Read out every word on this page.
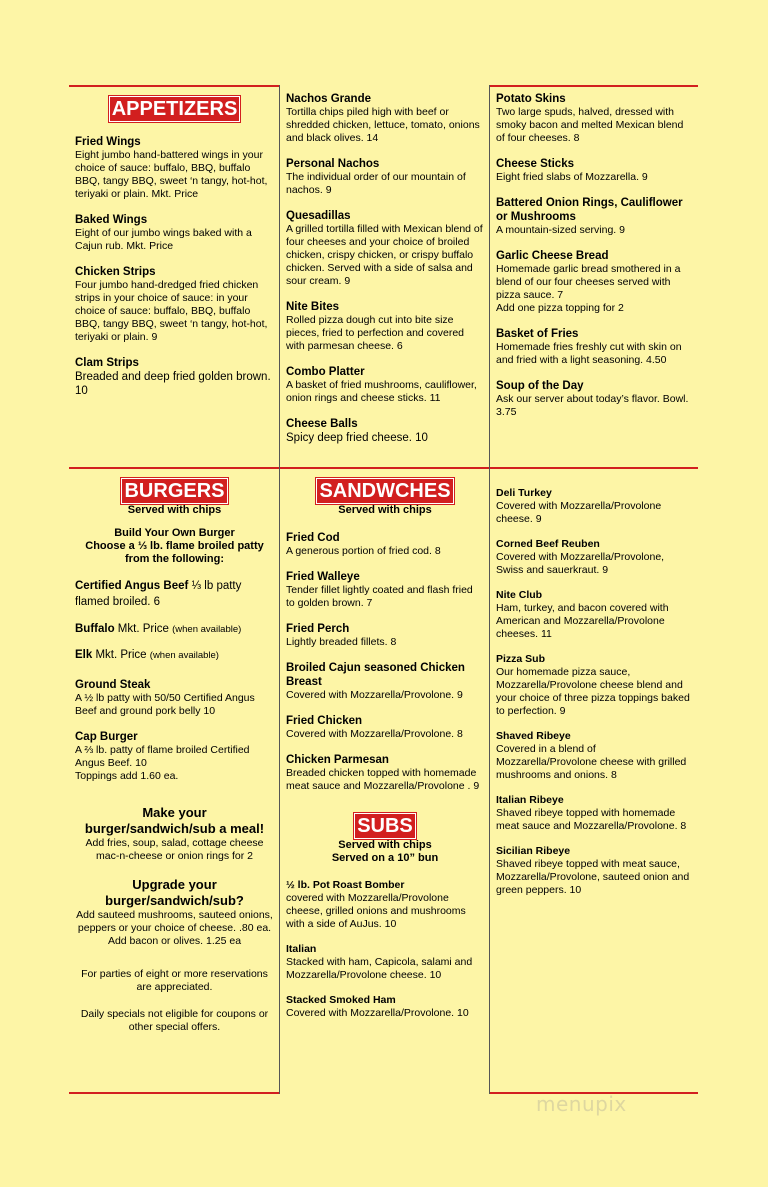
APPETIZERS
Fried Wings
Eight jumbo hand-battered wings in your choice of sauce: buffalo, BBQ, buffalo BBQ, tangy BBQ, sweet ‘n tangy, hot-hot, teriyaki or plain. Mkt. Price
Baked Wings
Eight of our jumbo wings baked with a Cajun rub. Mkt. Price
Chicken Strips
Four jumbo hand-dredged fried chicken strips in your choice of sauce: in your choice of sauce: buffalo, BBQ, buffalo BBQ, tangy BBQ, sweet ‘n tangy, hot-hot, teriyaki or plain. 9
Clam Strips
Breaded and deep fried golden brown. 10
Nachos Grande
Tortilla chips piled high with beef or shredded chicken, lettuce, tomato, onions and black olives. 14
Personal Nachos
The individual order of our mountain of nachos. 9
Quesadillas
A grilled tortilla filled with Mexican blend of four cheeses and your choice of broiled chicken, crispy chicken, or crispy buffalo chicken. Served with a side of salsa and sour cream. 9
Nite Bites
Rolled pizza dough cut into bite size pieces, fried to perfection and covered with parmesan cheese. 6
Combo Platter
A basket of fried mushrooms, cauliflower, onion rings and cheese sticks. 11
Cheese Balls
Spicy deep fried cheese. 10
Potato Skins
Two large spuds, halved, dressed with smoky bacon and melted Mexican blend of four cheeses. 8
Cheese Sticks
Eight fried slabs of Mozzarella. 9
Battered Onion Rings, Cauliflower or Mushrooms
A mountain-sized serving. 9
Garlic Cheese Bread
Homemade garlic bread smothered in a blend of our four cheeses served with pizza sauce. 7
Add one pizza topping for 2
Basket of Fries
Homemade fries freshly cut with skin on and fried with a light seasoning. 4.50
Soup of the Day
Ask our server about today’s flavor. Bowl. 3.75
BURGERS
Served with chips
Build Your Own Burger
Choose a ⅓ lb. flame broiled patty
from the following:
Certified Angus Beef ⅓ lb patty flamed broiled. 6
Buffalo Mkt. Price (when available)
Elk Mkt. Price (when available)
Ground Steak
A ½ lb patty with 50/50 Certified Angus Beef and ground pork belly 10
Cap Burger
A ⅔ lb. patty of flame broiled Certified Angus Beef. 10
Toppings add 1.60 ea.
Make your
burger/sandwich/sub a meal!
Add fries, soup, salad, cottage cheese mac-n-cheese or onion rings for 2
Upgrade your
burger/sandwich/sub?
Add sauteed mushrooms, sauteed onions, peppers or your choice of cheese. .80 ea.
Add bacon or olives. 1.25 ea
For parties of eight or more reservations are appreciated.
Daily specials not eligible for coupons or other special offers.
SANDWCHES
Served with chips
Fried Cod
A generous portion of fried cod. 8
Fried Walleye
Tender fillet lightly coated and flash fried to golden brown. 7
Fried Perch
Lightly breaded fillets. 8
Broiled Cajun seasoned Chicken Breast
Covered with Mozzarella/Provolone. 9
Fried Chicken
Covered with Mozzarella/Provolone. 8
Chicken Parmesan
Breaded chicken topped with homemade meat sauce and Mozzarella/Provolone . 9
SUBS
Served with chips
Served on a 10” bun
½ lb. Pot Roast Bomber
covered with Mozzarella/Provolone cheese, grilled onions and mushrooms with a side of AuJus. 10
Italian
Stacked with ham, Capicola, salami and Mozzarella/Provolone cheese. 10
Stacked Smoked Ham
Covered with Mozzarella/Provolone. 10
Deli Turkey
Covered with Mozzarella/Provolone cheese. 9
Corned Beef Reuben
Covered with Mozzarella/Provolone, Swiss and sauerkraut. 9
Nite Club
Ham, turkey, and bacon covered with American and Mozzarella/Provolone cheeses. 11
Pizza Sub
Our homemade pizza sauce, Mozzarella/Provolone cheese blend and your choice of three pizza toppings baked to perfection. 9
Shaved Ribeye
Covered in a blend of Mozzarella/Provolone cheese with grilled mushrooms and onions. 8
Italian Ribeye
Shaved ribeye topped with homemade meat sauce and Mozzarella/Provolone. 8
Sicilian Ribeye
Shaved ribeye topped with meat sauce, Mozzarella/Provolone, sauteed onion and green peppers. 10
menupix
